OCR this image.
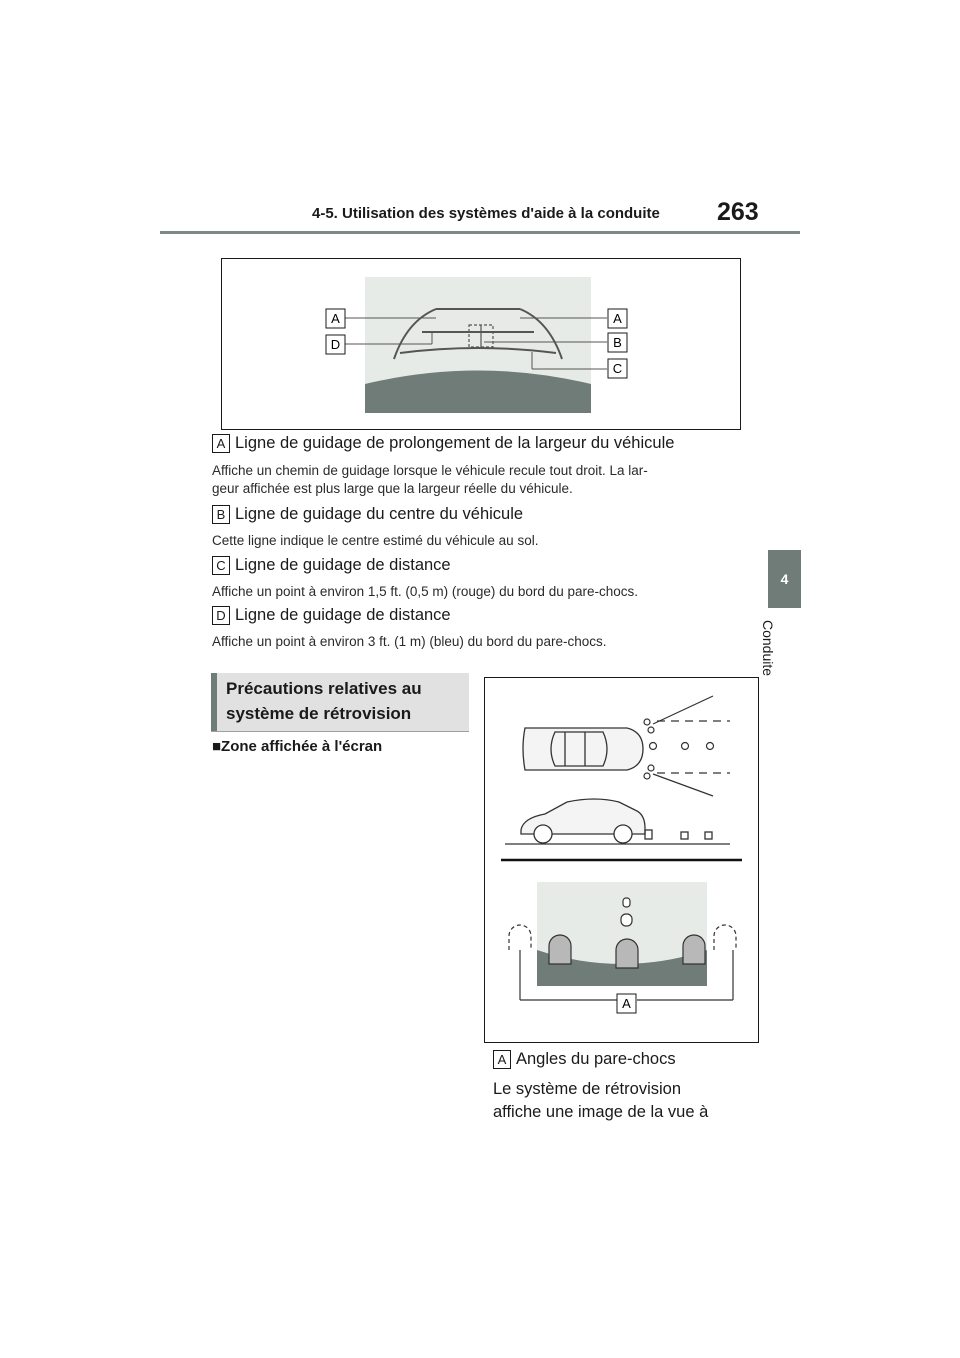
4-5. Utilisation des systèmes d'aide à la conduite 263
4
Conduite
A
D
A
B
C
A Ligne de guidage de prolongement de la largeur du véhicule
Affiche un chemin de guidage lorsque le véhicule recule tout droit. La lar-
geur affichée est plus large que la largeur réelle du véhicule.
B Ligne de guidage du centre du véhicule
Cette ligne indique le centre estimé du véhicule au sol.
C Ligne de guidage de distance
Affiche un point à environ 1,5 ft. (0,5 m) (rouge) du bord du pare-chocs.
D Ligne de guidage de distance
Affiche un point à environ 3 ft. (1 m) (bleu) du bord du pare-chocs.
Précautions relatives au
système de rétrovision
■Zone affichée à l'écran
A
A Angles du pare-chocs
Le système de rétrovision
affiche une image de la vue à
